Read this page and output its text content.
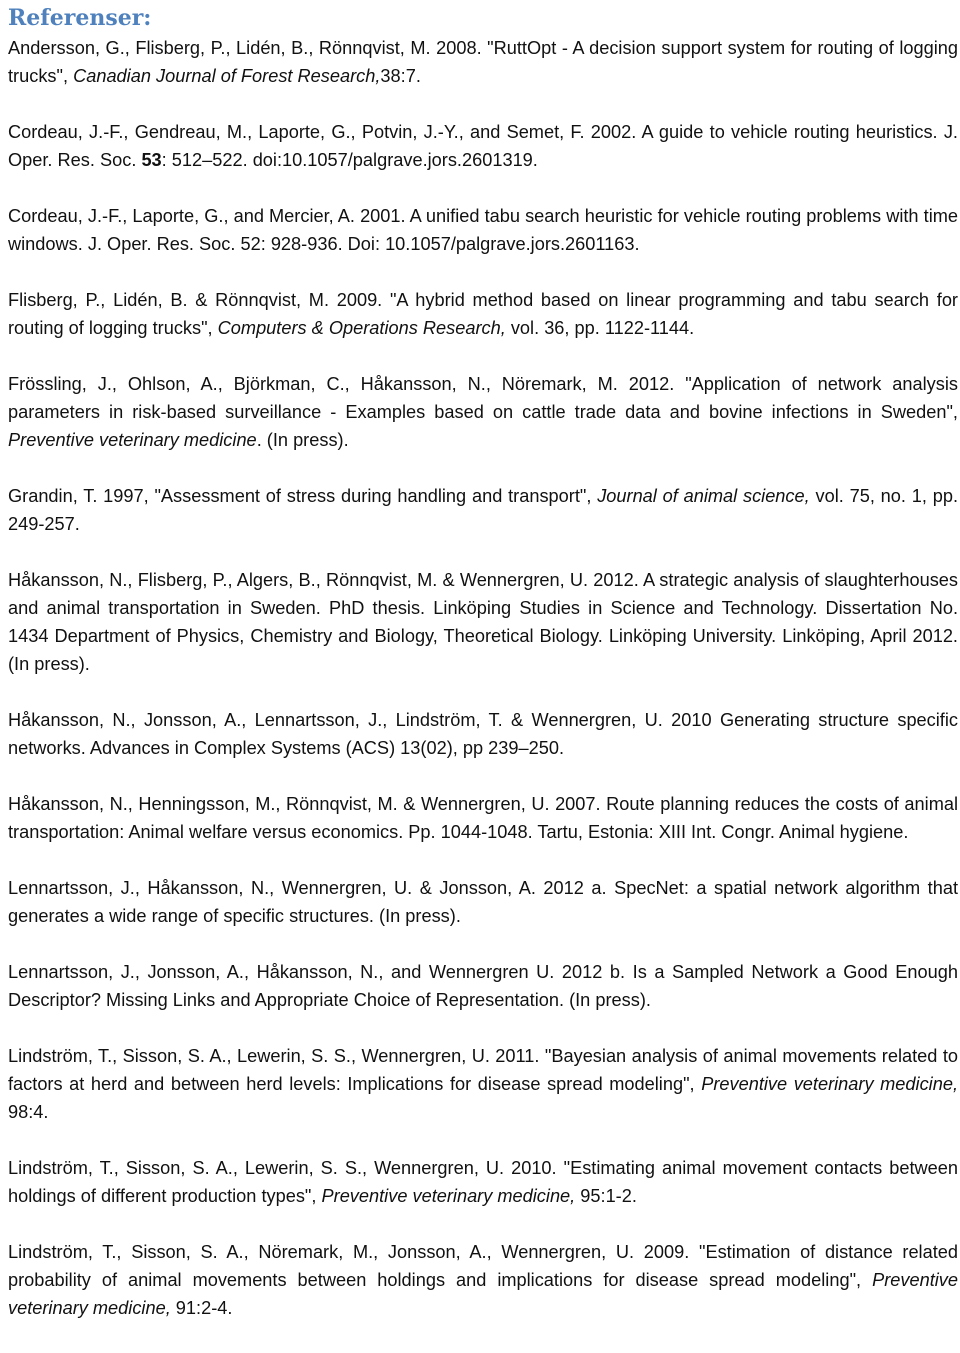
Referenser:

Andersson, G., Flisberg, P., Lidén, B., Rönnqvist, M. 2008. "RuttOpt - A decision support system for routing of logging trucks", Canadian Journal of Forest Research,38:7.

Cordeau, J.-F., Gendreau, M., Laporte, G., Potvin, J.-Y., and Semet, F. 2002. A guide to vehicle routing heuristics. J. Oper. Res. Soc. 53: 512–522. doi:10.1057/palgrave.jors.2601319.

Cordeau, J.-F., Laporte, G., and Mercier, A. 2001. A unified tabu search heuristic for vehicle routing problems with time windows. J. Oper. Res. Soc. 52: 928-936. Doi: 10.1057/palgrave.jors.2601163.

Flisberg, P., Lidén, B. & Rönnqvist, M. 2009. "A hybrid method based on linear programming and tabu search for routing of logging trucks", Computers & Operations Research, vol. 36, pp. 1122-1144.

Frössling, J., Ohlson, A., Björkman, C., Håkansson, N., Nöremark, M. 2012. "Application of network analysis parameters in risk-based surveillance - Examples based on cattle trade data and bovine infections in Sweden", Preventive veterinary medicine. (In press).

Grandin, T. 1997, "Assessment of stress during handling and transport", Journal of animal science, vol. 75, no. 1, pp. 249-257.

Håkansson, N., Flisberg, P., Algers, B., Rönnqvist, M. & Wennergren, U. 2012. A strategic analysis of slaughterhouses and animal transportation in Sweden. PhD thesis. Linköping Studies in Science and Technology. Dissertation No. 1434 Department of Physics, Chemistry and Biology, Theoretical Biology. Linköping University. Linköping, April 2012. (In press).

Håkansson, N., Jonsson, A., Lennartsson, J., Lindström, T. & Wennergren, U. 2010 Generating structure specific networks. Advances in Complex Systems (ACS) 13(02), pp 239–250.

Håkansson, N., Henningsson, M., Rönnqvist, M. & Wennergren, U. 2007. Route planning reduces the costs of animal transportation: Animal welfare versus economics. Pp. 1044-1048. Tartu, Estonia: XIII Int. Congr. Animal hygiene.

Lennartsson, J., Håkansson, N., Wennergren, U. & Jonsson, A. 2012 a. SpecNet: a spatial network algorithm that generates a wide range of specific structures. (In press).

Lennartsson, J., Jonsson, A., Håkansson, N., and Wennergren U. 2012 b. Is a Sampled Network a Good Enough Descriptor? Missing Links and Appropriate Choice of Representation. (In press).

Lindström, T., Sisson, S. A., Lewerin, S. S., Wennergren, U. 2011. "Bayesian analysis of animal movements related to factors at herd and between herd levels: Implications for disease spread modeling", Preventive veterinary medicine, 98:4.

Lindström, T., Sisson, S. A., Lewerin, S. S., Wennergren, U. 2010. "Estimating animal movement contacts between holdings of different production types", Preventive veterinary medicine, 95:1-2.

Lindström, T., Sisson, S. A., Nöremark, M., Jonsson, A., Wennergren, U. 2009. "Estimation of distance related probability of animal movements between holdings and implications for disease spread modeling", Preventive veterinary medicine, 91:2-4.
